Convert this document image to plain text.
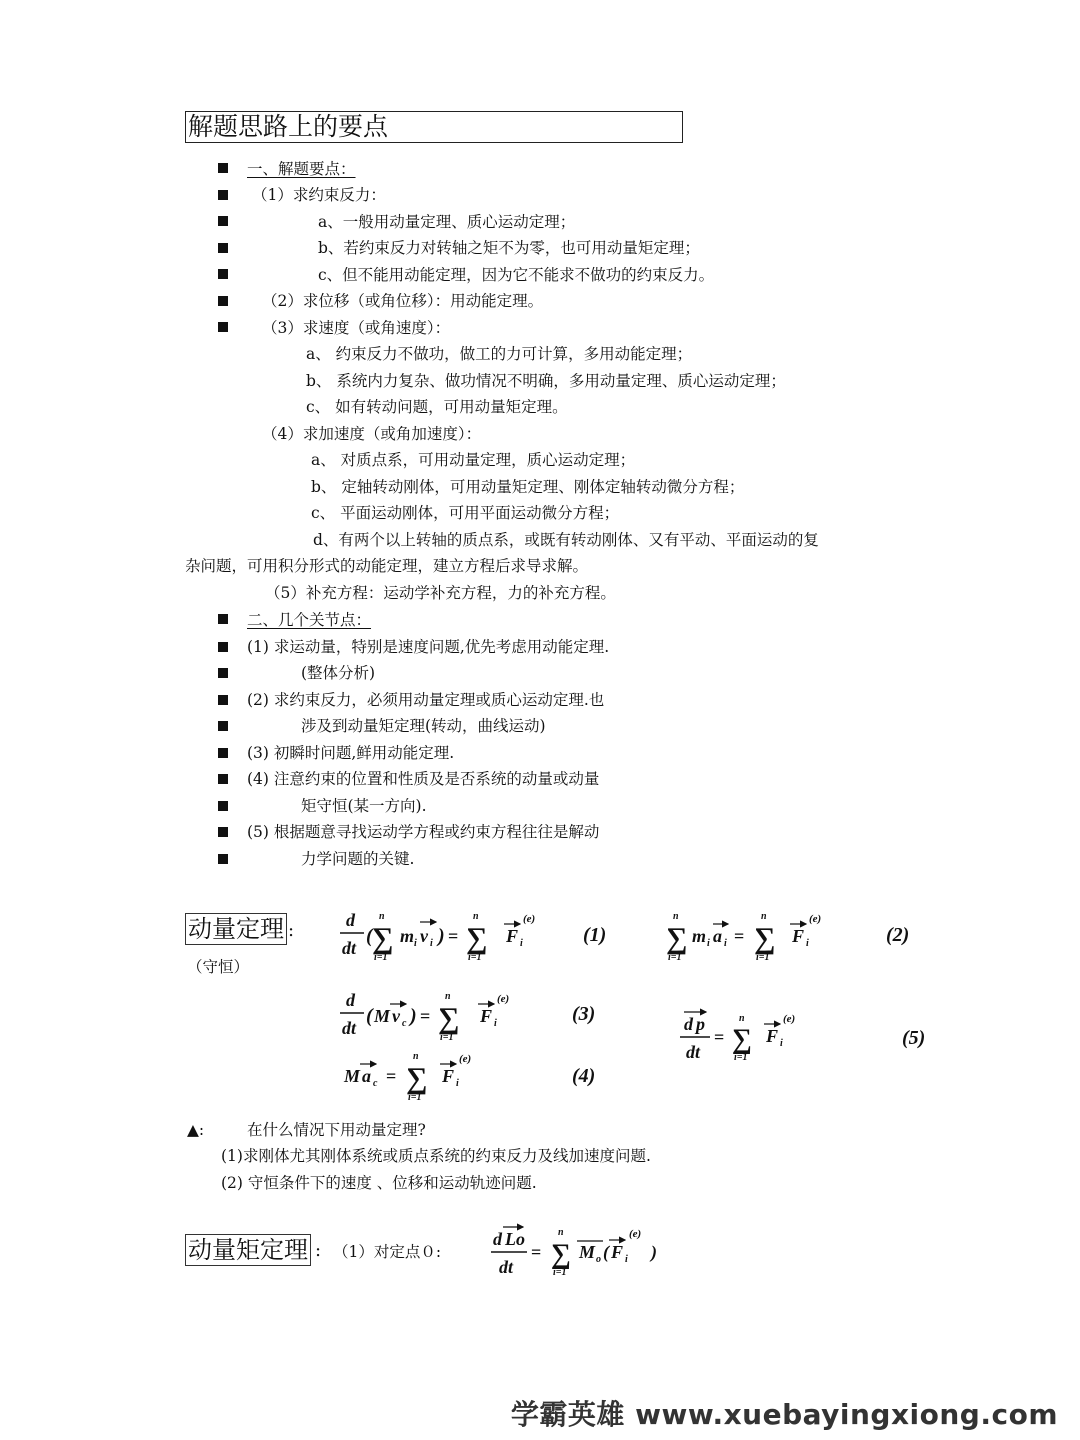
解题思路上的要点
一、解题要点：
（1）求约束反力：
a、一般用动量定理、质心运动定理；
b、若约束反力对转轴之矩不为零，也可用动量矩定理；
c、但不能用动能定理，因为它不能求不做功的约束反力。
（2）求位移（或角位移）：用动能定理。
（3）求速度（或角速度）：
a、 约束反力不做功，做工的力可计算，多用动能定理；
b、 系统内力复杂、做功情况不明确，多用动量定理、质心运动定理；
c、 如有转动问题，可用动量矩定理。
（4）求加速度（或角加速度）：
a、 对质点系，可用动量定理，质心运动定理；
b、 定轴转动刚体，可用动量矩定理、刚体定轴转动微分方程；
c、 平面运动刚体，可用平面运动微分方程；
d、有两个以上转轴的质点系，或既有转动刚体、又有平动、平面运动的复
杂问题，可用积分形式的动能定理，建立方程后求导求解。
（5）补充方程：运动学补充方程，力的补充方程。
二、几个关节点：
(1) 求运动量，特别是速度问题,优先考虑用动能定理.
(整体分析)
(2) 求约束反力，必须用动量定理或质心运动定理.也
涉及到动量矩定理(转动，曲线运动)
(3) 初瞬时问题,鲜用动能定理.
(4) 注意约束的位置和性质及是否系统的动量或动量
矩守恒(某一方向).
(5) 根据题意寻找运动学方程或约束方程往往是解动
力学问题的关键.
动量定理 :
（守恒）
d
dt
( ∑
n
i=1
m i v i ) = ∑
n
i=1
F i
(e)
∑
n
i=1
m i a i = ∑
n
i=1
F i
(e)
d
dt
( M v c ) = ∑
n
i=1
F i
(e)
M a c = ∑
n
i=1
F i
(e)
d p
dt
= ∑
n
i=1
F i
(e)
(1)	(2)
(3)
(4)
(5)
▲:	在什么情况下用动量定理?
(1)求刚体尤其刚体系统或质点系统的约束反力及线加速度问题.
(2) 守恒条件下的速度 、位移和运动轨迹问题.
动量矩定理 : （1）对定点０:
d Lo
dt
= ∑
n
i=1
M o ( F i
(e)
)
学霸英雄 www.xuebayingxiong.com
